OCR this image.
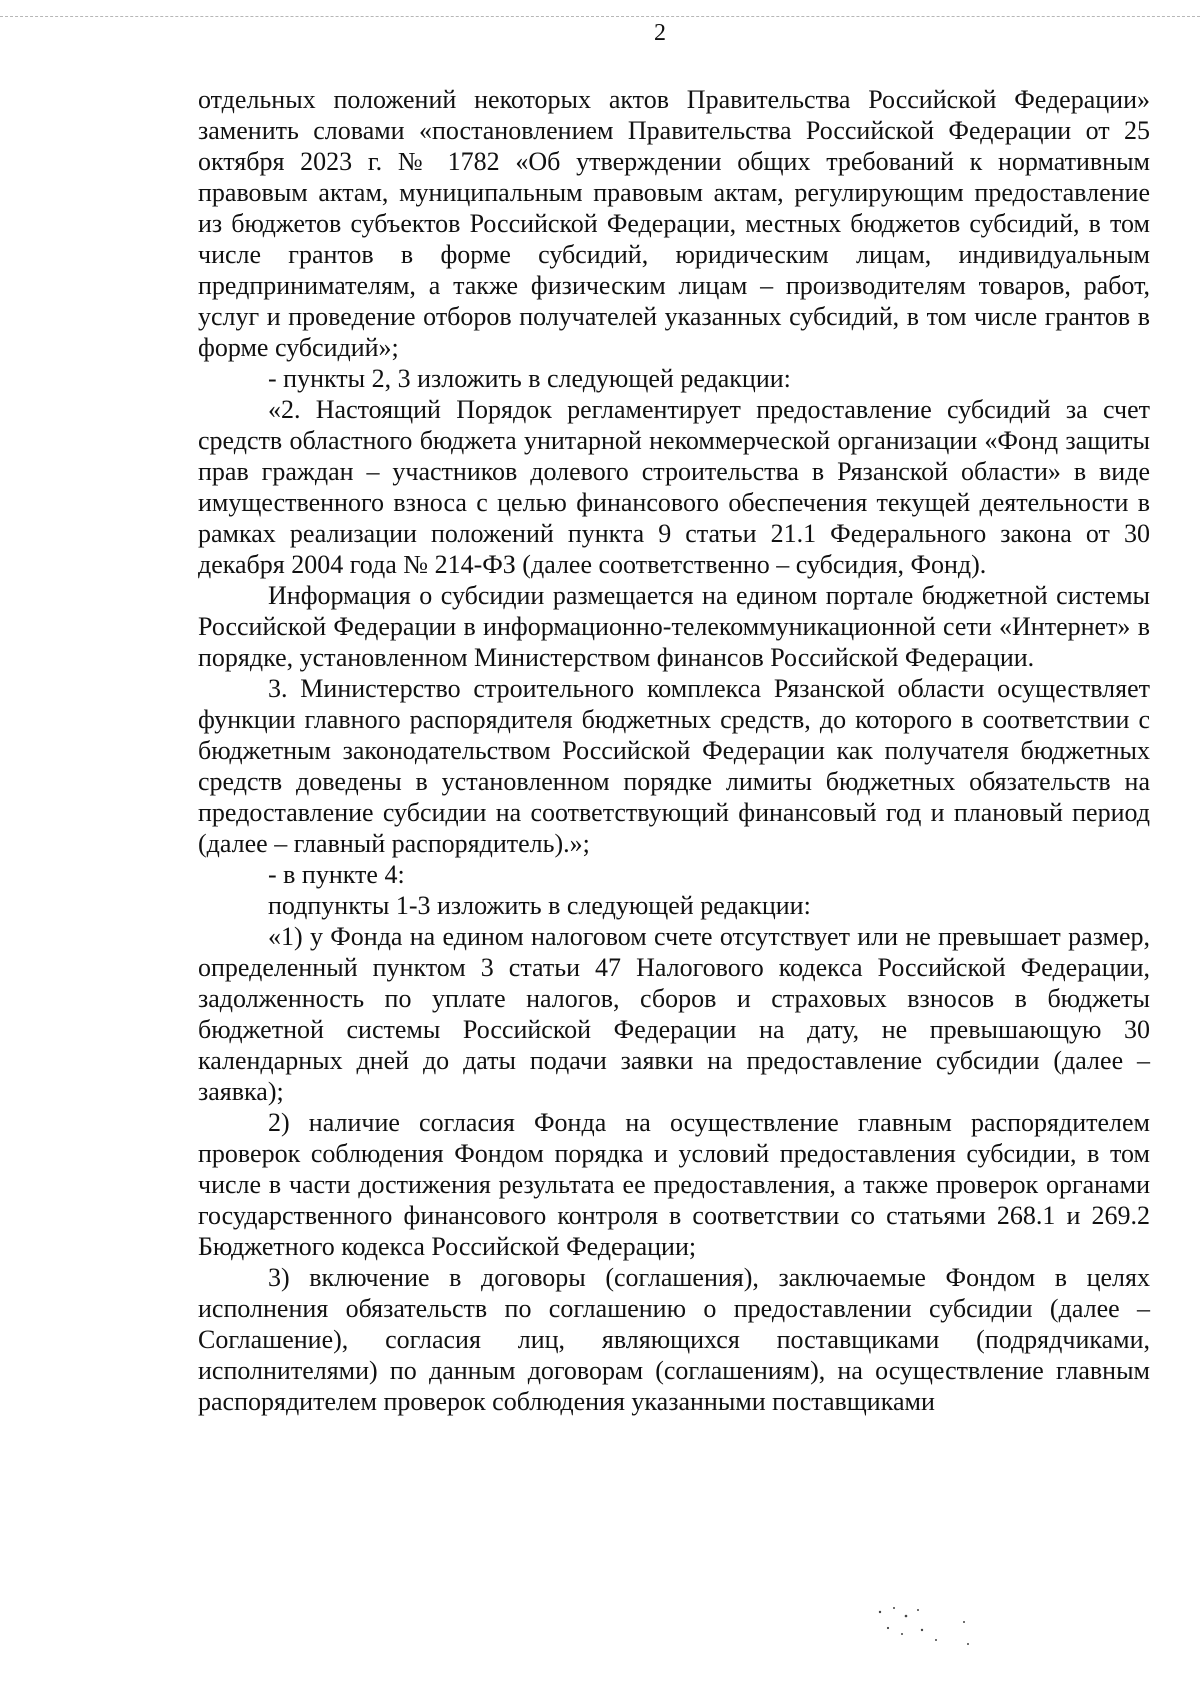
2

отдельных положений некоторых актов Правительства Российской Федерации» заменить словами «постановлением Правительства Российской Федерации от 25 октября 2023 г. № 1782 «Об утверждении общих требований к нормативным правовым актам, муниципальным правовым актам, регулирующим предоставление из бюджетов субъектов Российской Федерации, местных бюджетов субсидий, в том числе грантов в форме субсидий, юридическим лицам, индивидуальным предпринимателям, а также физическим лицам – производителям товаров, работ, услуг и проведение отборов получателей указанных субсидий, в том числе грантов в форме субсидий»;

- пункты 2, 3 изложить в следующей редакции:

«2. Настоящий Порядок регламентирует предоставление субсидий за счет средств областного бюджета унитарной некоммерческой организации «Фонд защиты прав граждан – участников долевого строительства в Рязанской области» в виде имущественного взноса с целью финансового обеспечения текущей деятельности в рамках реализации положений пункта 9 статьи 21.1 Федерального закона от 30 декабря 2004 года № 214-ФЗ (далее соответственно – субсидия, Фонд).

Информация о субсидии размещается на едином портале бюджетной системы Российской Федерации в информационно-телекоммуникационной сети «Интернет» в порядке, установленном Министерством финансов Российской Федерации.

3. Министерство строительного комплекса Рязанской области осуществляет функции главного распорядителя бюджетных средств, до которого в соответствии с бюджетным законодательством Российской Федерации как получателя бюджетных средств доведены в установленном порядке лимиты бюджетных обязательств на предоставление субсидии на соответствующий финансовый год и плановый период (далее – главный распорядитель).»;

- в пункте 4:

подпункты 1-3 изложить в следующей редакции:

«1) у Фонда на едином налоговом счете отсутствует или не превышает размер, определенный пунктом 3 статьи 47 Налогового кодекса Российской Федерации, задолженность по уплате налогов, сборов и страховых взносов в бюджеты бюджетной системы Российской Федерации на дату, не превышающую 30 календарных дней до даты подачи заявки на предоставление субсидии (далее – заявка);

2) наличие согласия Фонда на осуществление главным распорядителем проверок соблюдения Фондом порядка и условий предоставления субсидии, в том числе в части достижения результата ее предоставления, а также проверок органами государственного финансового контроля в соответствии со статьями 268.1 и 269.2 Бюджетного кодекса Российской Федерации;

3) включение в договоры (соглашения), заключаемые Фондом в целях исполнения обязательств по соглашению о предоставлении субсидии (далее – Соглашение), согласия лиц, являющихся поставщиками (подрядчиками, исполнителями) по данным договорам (соглашениям), на осуществление главным распорядителем проверок соблюдения указанными поставщиками
